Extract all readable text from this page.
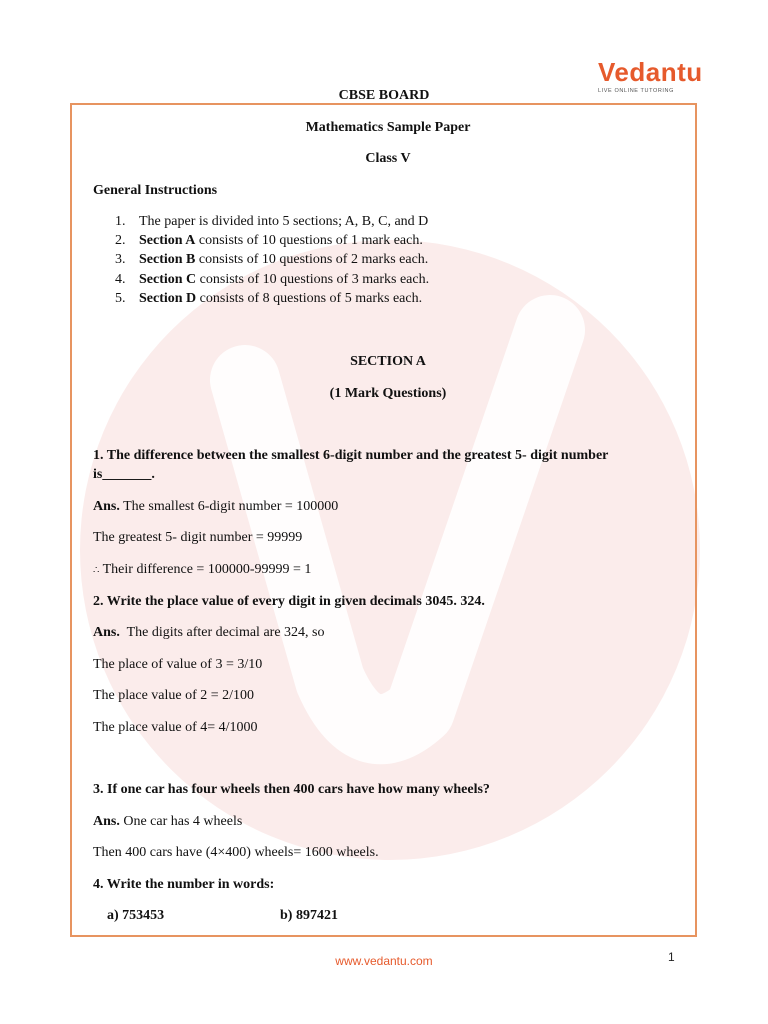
Vedantu
LIVE ONLINE TUTORING
CBSE BOARD
Mathematics Sample Paper
Class V
General Instructions
1. The paper is divided into 5 sections; A, B, C, and D
2. Section A consists of 10 questions of 1 mark each.
3. Section B consists of 10 questions of 2 marks each.
4. Section C consists of 10 questions of 3 marks each.
5. Section D consists of 8 questions of 5 marks each.
SECTION A
(1 Mark Questions)
1. The difference between the smallest 6-digit number and the greatest 5- digit number
is_______.
Ans. The smallest 6-digit number = 100000
The greatest 5- digit number = 99999
∴ Their difference = 100000-99999 = 1
2. Write the place value of every digit in given decimals 3045. 324.
Ans.  The digits after decimal are 324, so
The place of value of 3 = 3/10
The place value of 2 = 2/100
The place value of 4= 4/1000
3. If one car has four wheels then 400 cars have how many wheels?
Ans. One car has 4 wheels
Then 400 cars have (4×400) wheels= 1600 wheels.
4. Write the number in words:
a) 753453	b) 897421
www.vedantu.com	1
